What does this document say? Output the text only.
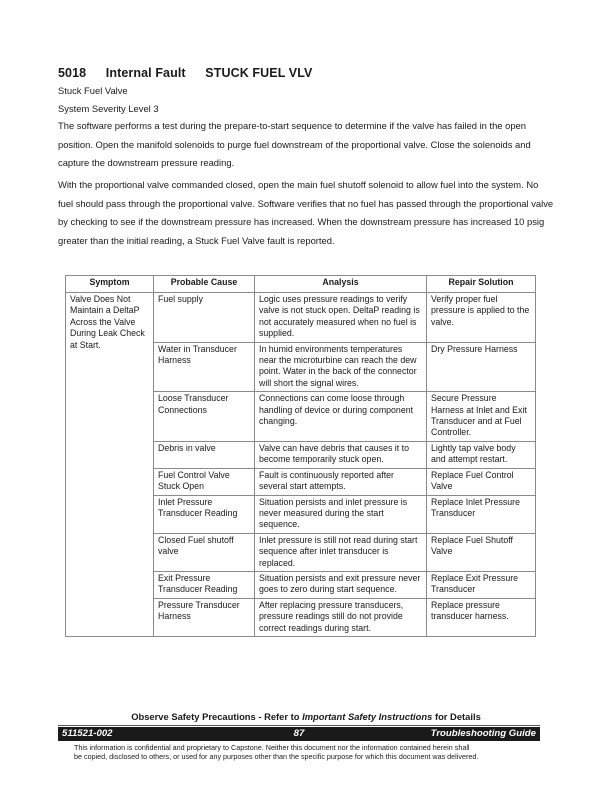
5018 Internal Fault STUCK FUEL VLV
Stuck Fuel Valve
System Severity Level 3
The software performs a test during the prepare-to-start sequence to determine if the valve has failed in the open position. Open the manifold solenoids to purge fuel downstream of the proportional valve. Close the solenoids and capture the downstream pressure reading.
With the proportional valve commanded closed, open the main fuel shutoff solenoid to allow fuel into the system. No fuel should pass through the proportional valve. Software verifies that no fuel has passed through the proportional valve by checking to see if the downstream pressure has increased. When the downstream pressure has increased 10 psig greater than the initial reading, a Stuck Fuel Valve fault is reported.
Symptom	Probable Cause	Analysis	Repair Solution
Valve Does Not Maintain a DeltaP Across the Valve During Leak Check at Start.	Fuel supply	Logic uses pressure readings to verify valve is not stuck open. DeltaP reading is not accurately measured when no fuel is supplied.	Verify proper fuel pressure is applied to the valve.
	Water in Transducer Harness	In humid environments temperatures near the microturbine can reach the dew point. Water in the back of the connector will short the signal wires.	Dry Pressure Harness
	Loose Transducer Connections	Connections can come loose through handling of device or during component changing.	Secure Pressure Harness at Inlet and Exit Transducer and at Fuel Controller.
	Debris in valve	Valve can have debris that causes it to become temporarily stuck open.	Lightly tap valve body and attempt restart.
	Fuel Control Valve Stuck Open	Fault is continuously reported after several start attempts.	Replace Fuel Control Valve
	Inlet Pressure Transducer Reading	Situation persists and inlet pressure is never measured during the start sequence.	Replace Inlet Pressure Transducer
	Closed Fuel shutoff valve	Inlet pressure is still not read during start sequence after inlet transducer is replaced.	Replace Fuel Shutoff Valve
	Exit Pressure Transducer Reading	Situation persists and exit pressure never goes to zero during start sequence.	Replace Exit Pressure Transducer
	Pressure Transducer Harness	After replacing pressure transducers, pressure readings still do not provide correct readings during start.	Replace pressure transducer harness.
Observe Safety Precautions - Refer to Important Safety Instructions for Details
87
511521-002	Troubleshooting Guide
This information is confidential and proprietary to Capstone. Neither this document nor the information contained herein shall
be copied, disclosed to others, or used for any purposes other than the specific purpose for which this document was delivered.
